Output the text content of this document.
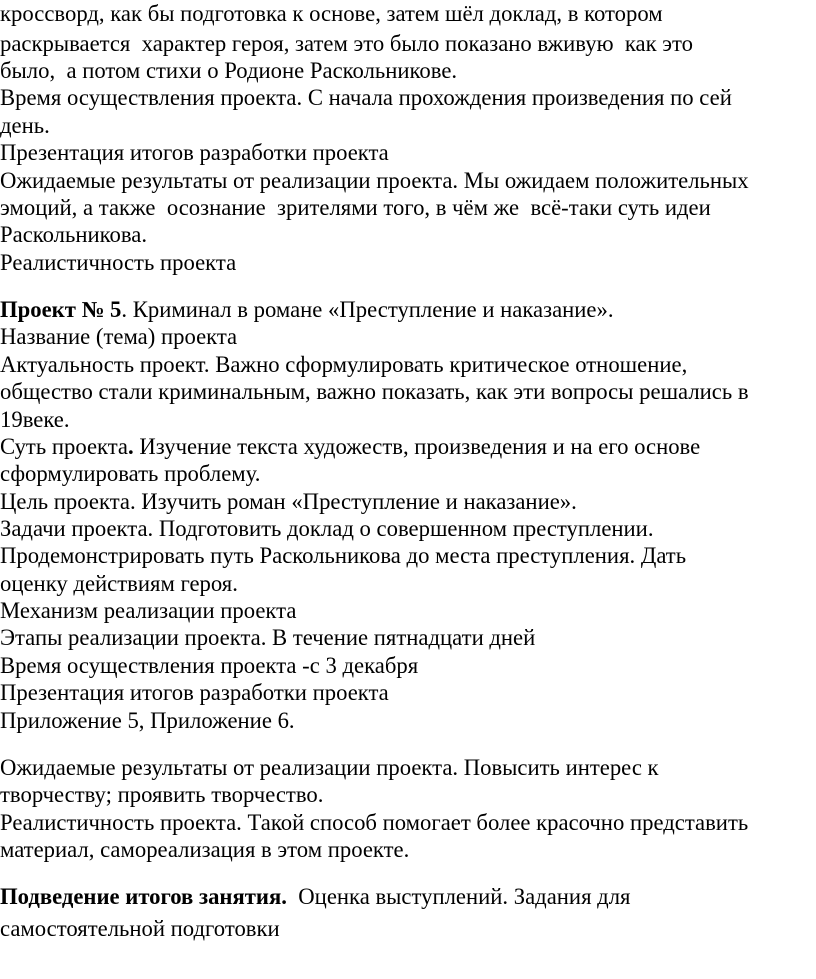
кроссворд, как бы подготовка к основе, затем шёл доклад, в котором
раскрывается  характер героя, затем это было показано вживую  как это
было,  а потом стихи о Родионе Раскольникове.
Время осуществления проекта. С начала прохождения произведения по сей
день.
Презентация итогов разработки проекта
Ожидаемые результаты от реализации проекта. Мы ожидаем положительных
эмоций, а также  осознание  зрителями того, в чём же  всё-таки суть идеи
Раскольникова.
Реалистичность проекта
Проект № 5. Криминал в романе «Преступление и наказание».
Название (тема) проекта
Актуальность проект. Важно сформулировать критическое отношение,
общество стали криминальным, важно показать, как эти вопросы решались в
19веке.
Суть проекта. Изучение текста художеств, произведения и на его основе
сформулировать проблему.
Цель проекта. Изучить роман «Преступление и наказание».
Задачи проекта. Подготовить доклад о совершенном преступлении.
Продемонстрировать путь Раскольникова до места преступления. Дать
оценку действиям героя.
Механизм реализации проекта
Этапы реализации проекта. В течение пятнадцати дней
Время осуществления проекта -с 3 декабря
Презентация итогов разработки проекта
Приложение 5, Приложение 6.
Ожидаемые результаты от реализации проекта. Повысить интерес к
творчеству; проявить творчество.
Реалистичность проекта. Такой способ помогает более красочно представить
материал, самореализация в этом проекте.
Подведение итогов занятия.  Оценка выступлений. Задания для
самостоятельной подготовки
